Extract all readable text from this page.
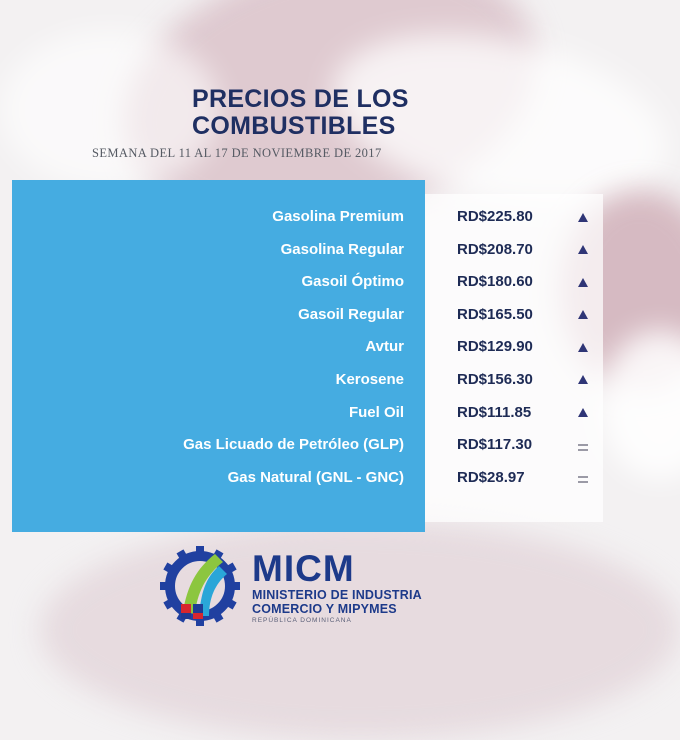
PRECIOS DE LOS COMBUSTIBLES
SEMANA DEL 11 AL 17 DE NOVIEMBRE DE 2017
Gasolina Premium	RD$225.80
Gasolina Regular	RD$208.70
Gasoil Óptimo	RD$180.60
Gasoil Regular	RD$165.50
Avtur	RD$129.90
Kerosene	RD$156.30
Fuel Oil	RD$111.85
Gas Licuado de Petróleo (GLP)	RD$117.30
Gas Natural (GNL - GNC)	RD$28.97
MICM
MINISTERIO DE INDUSTRIA
COMERCIO Y MIPYMES
REPÚBLICA DOMINICANA
